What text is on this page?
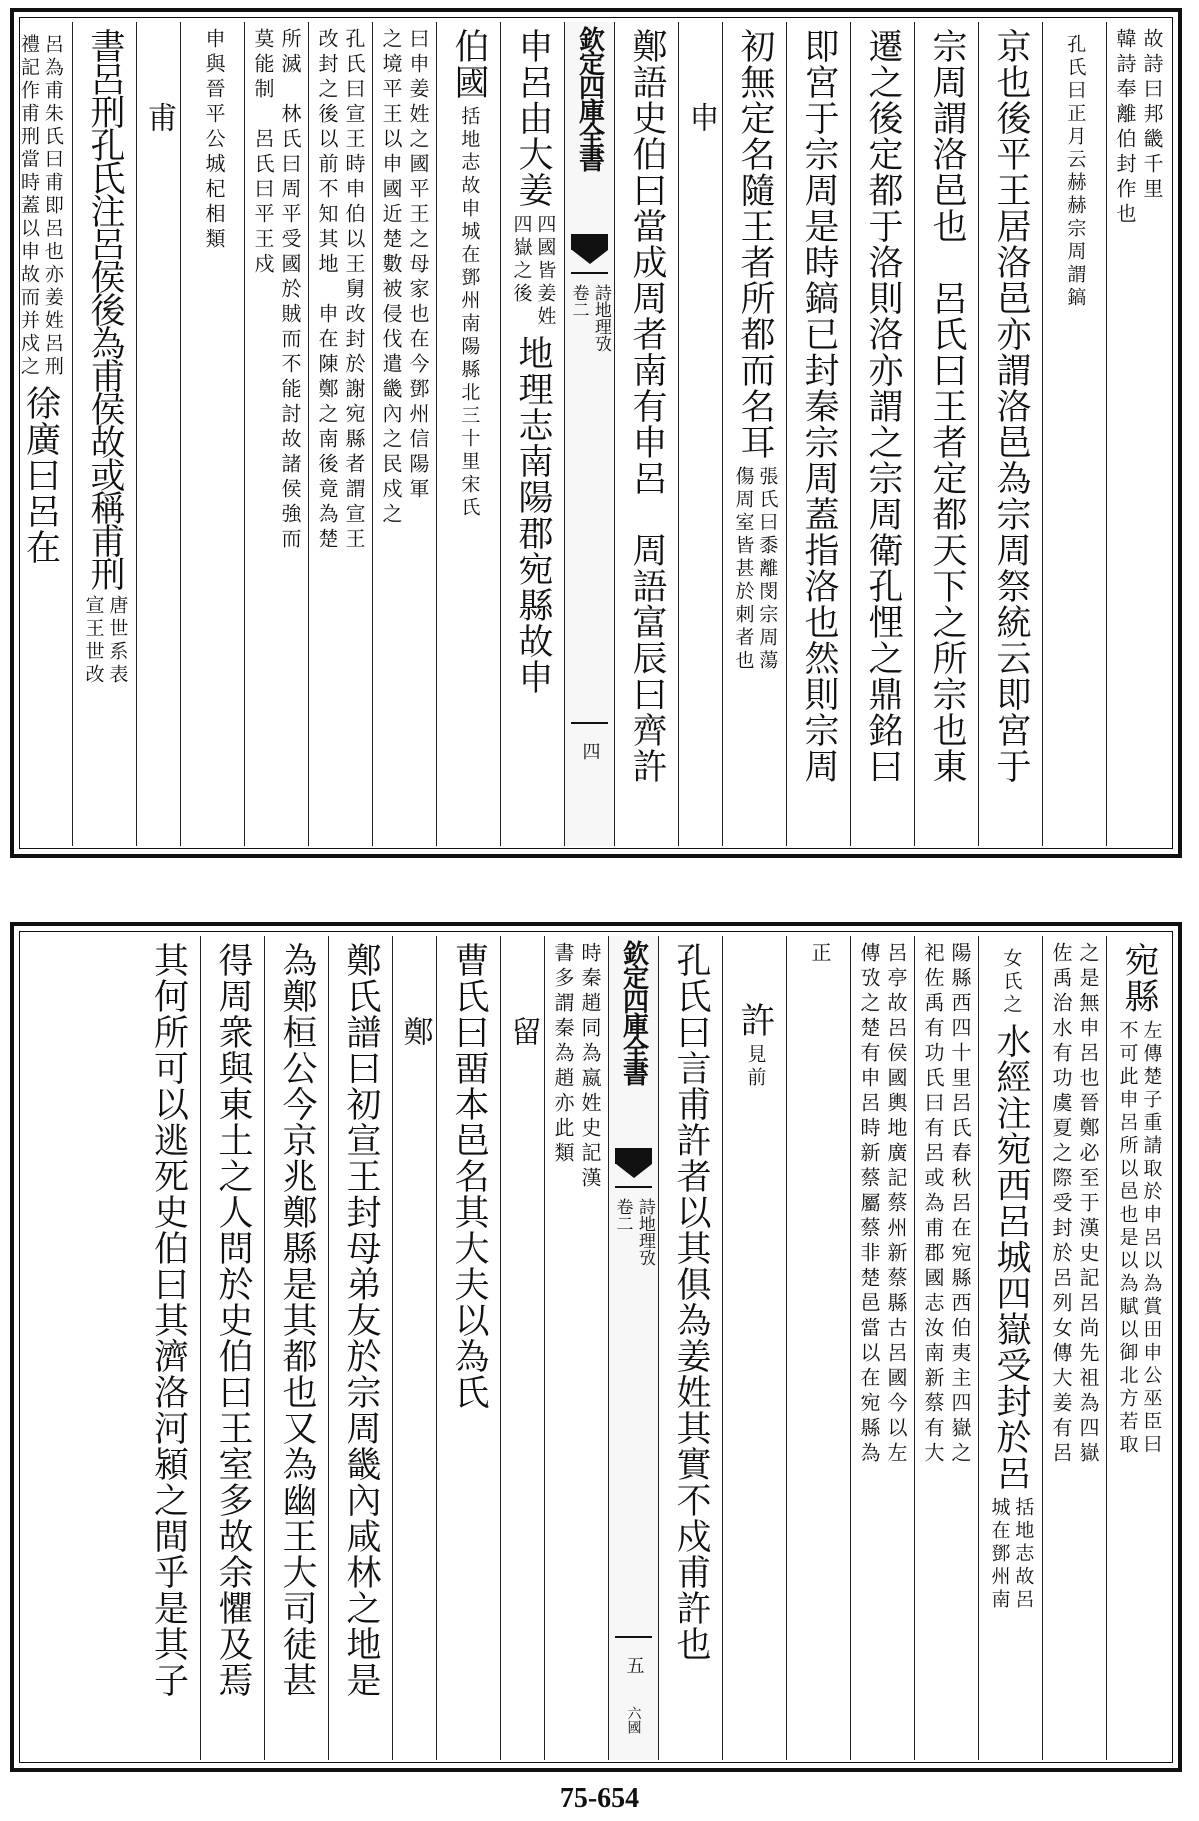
故詩曰邦畿千里
韓詩奉離伯封作也
孔氏曰正月云赫赫宗周謂鎬
京也後平王居洛邑亦謂洛邑為宗周祭統云即宮于
宗周謂洛邑也　呂氏曰王者定都天下之所宗也東
遷之後定都于洛則洛亦謂之宗周衛孔悝之鼎銘曰
即宮于宗周是時鎬已封秦宗周蓋指洛也然則宗周
初無定名隨王者所都而名耳
張氏曰黍離閔宗周蕩
傷周室皆甚於刺者也
申
鄭語史伯曰當成周者南有申呂　周語富辰曰齊許
欽定四庫全書
詩地理攷
卷二
四
申呂由大姜
四國皆姜姓
四嶽之後
地理志南陽郡宛縣故申
伯國
括地志故申城在鄧州南陽縣北三十里宋氏
曰申姜姓之國平王之母家也在今鄧州信陽軍
之境平王以申國近楚數被侵伐遣畿內之民戍之
孔氏曰宣王時申伯以王舅改封於謝宛縣者謂宣王
改封之後以前不知其地　申在陳鄭之南後竟為楚
所滅　林氏曰周平受國於賊而不能討故諸侯強而
莫能制　呂氏曰平王戍
申與晉平公城杞相類
甫
書呂刑孔氏注呂侯後為甫侯故或稱甫刑
唐世系表
宣王世改
呂為甫朱氏曰甫即呂也亦姜姓呂刑
禮記作甫刑當時蓋以申故而并戍之
徐廣曰呂在
宛縣
左傳楚子重請取於申呂以為賞田申公巫臣曰
不可此申呂所以邑也是以為賦以御北方若取
之是無申呂也晉鄭必至于漢史記呂尚先祖為四嶽
佐禹治水有功虞夏之際受封於呂列女傳大姜有呂
女氏之
水經注宛西呂城四嶽受封於呂
括地志故呂
城在鄧州南
陽縣西四十里呂氏春秋呂在宛縣西伯夷主四嶽之
祀佐禹有功氏曰有呂或為甫郡國志汝南新蔡有大
呂亭故呂侯國輿地廣記蔡州新蔡縣古呂國今以左
傳攷之楚有申呂時新蔡屬蔡非楚邑當以在宛縣為
正
許
見前
孔氏曰言甫許者以其俱為姜姓其實不戍甫許也
欽定四庫全書
詩地理攷
卷二
五
六國
時秦趙同為嬴姓史記漢
書多謂秦為趙亦此類
留
曹氏曰畱本邑名其大夫以為氏
鄭
鄭氏譜曰初宣王封母弟友於宗周畿內咸林之地是
為鄭桓公今京兆鄭縣是其都也又為幽王大司徒甚
得周衆與東土之人問於史伯曰王室多故余懼及焉
其何所可以逃死史伯曰其濟洛河潁之間乎是其子
75-654
